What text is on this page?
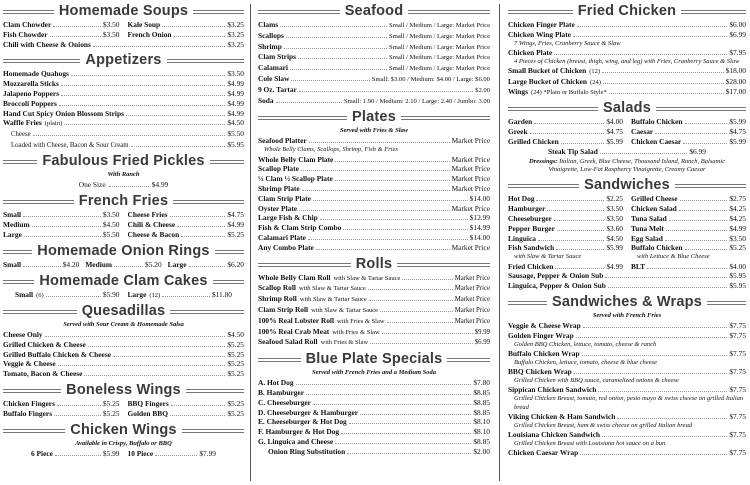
Homemade Soups
Clam Chowder	$3.50 Kale Soup	$3.25
Fish Chowder	$3.50 French Onion	$3.25
Chili with Cheese & Onions	$3.25
Appetizers
Homemade Quahogs	$3.50
Mozzarella Sticks	$4.99
Jalapeno Poppers	$4.99
Broccoli Poppers	$4.99
Hand Cut Spicy Onion Blossom Strips	$4.99
Waffle Fries (plain)	$4.50
Cheese	$5.50
Loaded with Cheese, Bacon & Sour Cream	$5.95
Fabulous Fried Pickles
With Ranch
One Size	$4.99
French Fries
Small	$3.50 Cheese Fries	$4.75
Medium	$4.50 Chili & Cheese	$4.99
Large	$5.50 Cheese & Bacon	$5.25
Homemade Onion Rings
Small	$4.20 Medium	$5.20 Large	$6.20
Homemade Clam Cakes
Small (6)	$5.90 Large (12)	$11.80
Quesadillas
Served with Sour Cream & Homemade Salsa
Cheese Only	$4.50
Grilled Chicken & Cheese	$5.25
Grilled Buffalo Chicken & Cheese	$5.25
Veggie & Cheese	$5.25
Tomato, Bacon & Cheese	$5.25
Boneless Wings
Chicken Fingers	$5.25 BBQ Fingers	$5.25
Buffalo Fingers	$5.25 Golden BBQ	$5.25
Chicken Wings
Available in Crispy, Buffalo or BBQ
6 Piece	$5.99 10 Piece	$7.99
Seafood
Clams	Small / Medium / Large: Market Price
Scallops	Small / Medium / Large: Market Price
Shrimp	Small / Medium / Large: Market Price
Clam Strips	Small / Medium / Large: Market Price
Calamari	Small / Medium / Large: Market Price
Cole Slaw	Small: $3.00 / Medium: $4.00 / Large: $6.00
9 Oz. Tartar	$2.00
Soda	Small: 1.90 / Medium: 2.10 / Large: 2.40 / Jumbo: 3.00
Plates
Served with Fries & Slaw
Seafood Platter	Market Price
Whole Belly Clams, Scallops, Shrimp, Fish & Fries
Whole Belly Clam Plate	Market Price
Scallop Plate	Market Price
½ Clam ½ Scallop Plate	Market Price
Shrimp Plate	Market Price
Clam Strip Plate	$14.00
Oyster Plate	Market Price
Large Fish & Chip	$12.99
Fish & Clam Strip Combo	$14.99
Calamari Plate	$14.00
Any Combo Plate	Market Price
Rolls
Whole Belly Clam Roll with Slaw & Tartar Sauce	Market Price
Scallop Roll with Slaw & Tartar Sauce	Market Price
Shrimp Roll with Slaw & Tartar Sauce	Market Price
Clam Strip Roll with Slaw & Tartar Sauce	Market Price
100% Real Lobster Roll with Fries & Slaw	Market Price
100% Real Crab Meat with Fries & Slaw	$9.99
Seafood Salad Roll with Fries & Slaw	$6.99
Blue Plate Specials
Served with French Fries and a Medium Soda
A. Hot Dog	$7.80
B. Hamburger	$8.85
C. Cheeseburger	$8.85
D. Cheeseburger & Hamburger	$8.85
E. Cheeseburger & Hot Dog	$8.10
F. Hamburger & Hot Dog	$8.10
G. Linguica and Cheese	$8.85
Onion Ring Substitution	$2.00
Fried Chicken
Chicken Finger Plate	$6.00
Chicken Wing Plate	$6.99
7 Wings, Fries, Cranberry Sauce & Slaw
Chicken Plate	$7.95
4 Pieces of Chicken (breast, thigh, wing, and leg) with Fries, Cranberry Sauce & Slaw
Small Bucket of Chicken (12)	$18.00
Large Bucket of Chicken (24)	$28.00
Wings (24) *Plain or Buffalo Style*	$17.00
Salads
Garden	$4.00 Buffalo Chicken	$5.99
Greek	$4.75 Caesar	$4.75
Grilled Chicken	$5.99 Chicken Caesar	$5.99
Steak Tip Salad	$6.99
Dressings: Italian, Greek, Blue Cheese, Thousand Island, Ranch, Balsamic Vinaigrette, Low-Fat Raspberry Vinaigrette, Creamy Caesar
Sandwiches
Hot Dog	$2.25 Grilled Cheese	$2.75
Hamburger	$3.50 Chicken Salad	$4.25
Cheeseburger	$3.50 Tuna Salad	$4.25
Pepper Burger	$3.60 Tuna Melt	$4.99
Linguica	$4.50 Egg Salad	$3.50
Fish Sandwich	$5.99 Buffalo Chicken	$5.25
with Slaw & Tartar Sauce	with Lettuce & Blue Cheese
Fried Chicken	$4.99 BLT	$4.00
Sausage, Pepper & Onion Sub	$5.95
Linguica, Pepper & Onion Sub	$5.95
Sandwiches & Wraps
Served with French Fries
Veggie & Cheese Wrap	$7.75
Golden Finger Wrap	$7.75
Golden BBQ Chicken, lettuce, tomato, cheese & ranch
Buffalo Chicken Wrap	$7.75
Buffalo Chicken, lettuce, tomato, cheese & blue cheese
BBQ Chicken Wrap	$7.75
Grilled Chicken with BBQ sauce, caramelized onions & cheese
Sippican Chicken Sandwich	$7.75
Grilled Chicken Breast, tomato, red onion, pesto mayo & swiss cheese on grilled Italian bread
Viking Chicken & Ham Sandwich	$7.75
Grilled Chicken Breast, ham & swiss cheese on grilled Italian bread
Louisiana Chicken Sandwich	$7.75
Grilled Chicken Breast with Louisiana hot sauce on a bun
Chicken Caesar Wrap	$7.75
